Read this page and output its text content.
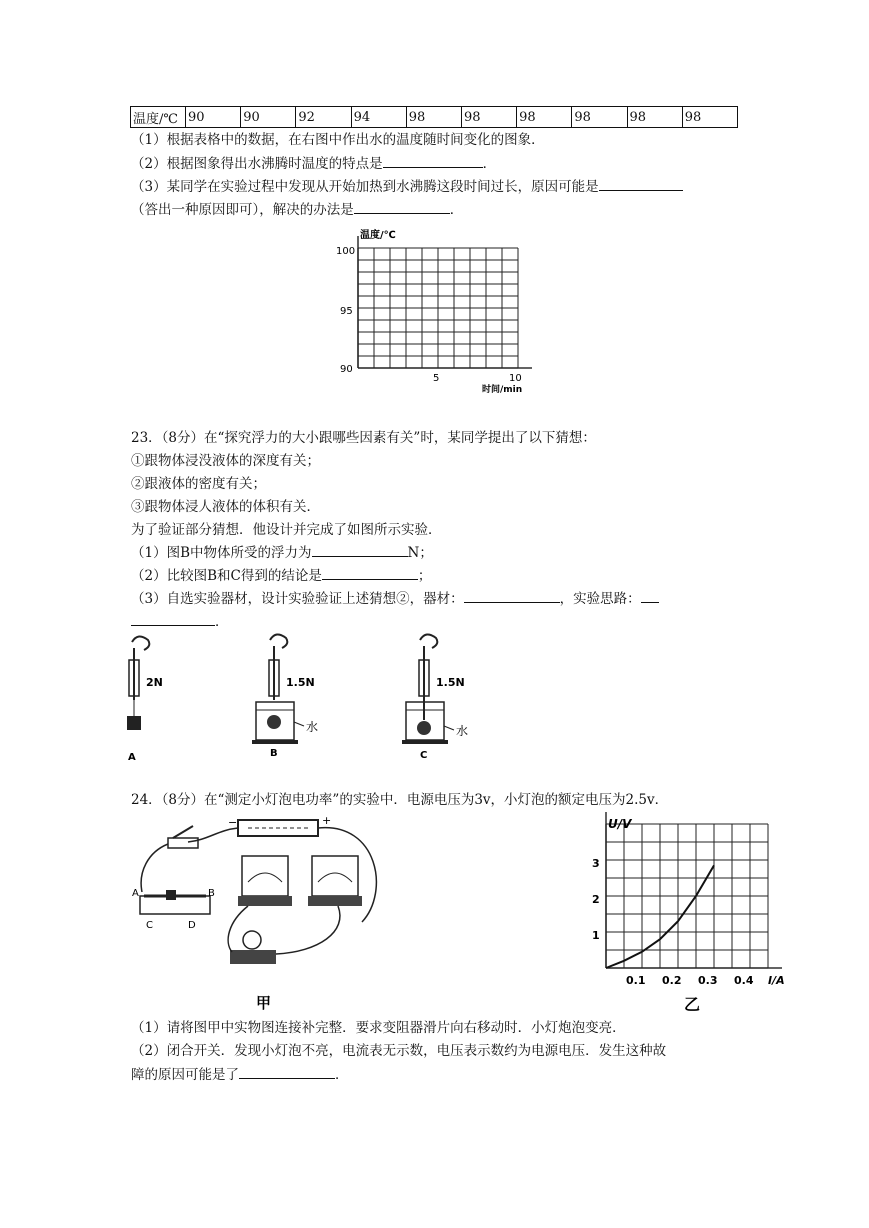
温度/℃	90	90	92	94	98	98	98	98	98	98
（1）根据表格中的数据，在右图中作出水的温度随时间变化的图象．
（2）根据图象得出水沸腾时温度的特点是	．
（3）某同学在实验过程中发现从开始加热到水沸腾这段时间过长，原因可能是
（答出一种原因即可），解决的办法是	．
温度/℃
100
95
90
5	10
时间/min
23．（8分）在“探究浮力的大小跟哪些因素有关”时，某同学提出了以下猜想：
①跟物体浸没液体的深度有关；
②跟液体的密度有关；
③跟物体浸人液体的体积有关．
为了验证部分猜想．他设计并完成了如图所示实验．
（1）图B中物体所受的浮力为	N；
（2）比较图B和C得到的结论是	；
（3）自选实验器材，设计实验验证上述猜想②，器材：	，实验思路：
．
2N
A
1.5N
水
B
1.5N
水
C
24．（8分）在“测定小灯泡电功率”的实验中．电源电压为3v，小灯泡的额定电压为2.5v．
−	+
A	B
C	D
甲
U/V
3
2
1
0.1 0.2 0.3 0.4 I/A
乙
（1）请将图甲中实物图连接补完整．要求变阻器滑片向右移动时．小灯炮泡变亮．
（2）闭合开关．发现小灯泡不亮，电流表无示数，电压表示数约为电源电压．发生这种故
障的原因可能是了	．
